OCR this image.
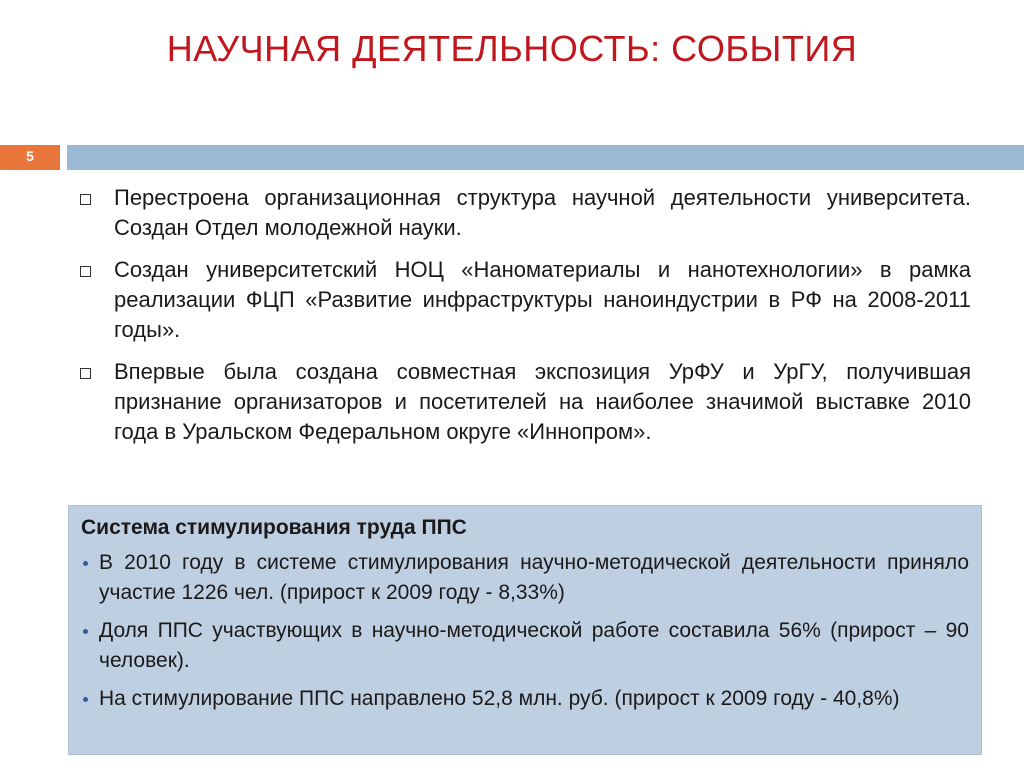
НАУЧНАЯ ДЕЯТЕЛЬНОСТЬ: СОБЫТИЯ
5
Перестроена организационная структура научной деятельности университета. Создан Отдел молодежной науки.
Создан университетский НОЦ «Наноматериалы и нанотехнологии» в рамка реализации ФЦП «Развитие инфраструктуры наноиндустрии в РФ на 2008-2011 годы».
Впервые была создана совместная экспозиция УрФУ и УрГУ, получившая признание организаторов и посетителей на наиболее значимой выставке 2010 года в Уральском Федеральном округе «Иннопром».
Система стимулирования труда ППС
В 2010 году в системе стимулирования научно-методической деятельности приняло участие 1226 чел. (прирост к 2009 году - 8,33%)
Доля ППС участвующих в научно-методической работе составила 56% (прирост – 90 человек).
На стимулирование ППС направлено 52,8 млн. руб. (прирост к 2009 году - 40,8%)
